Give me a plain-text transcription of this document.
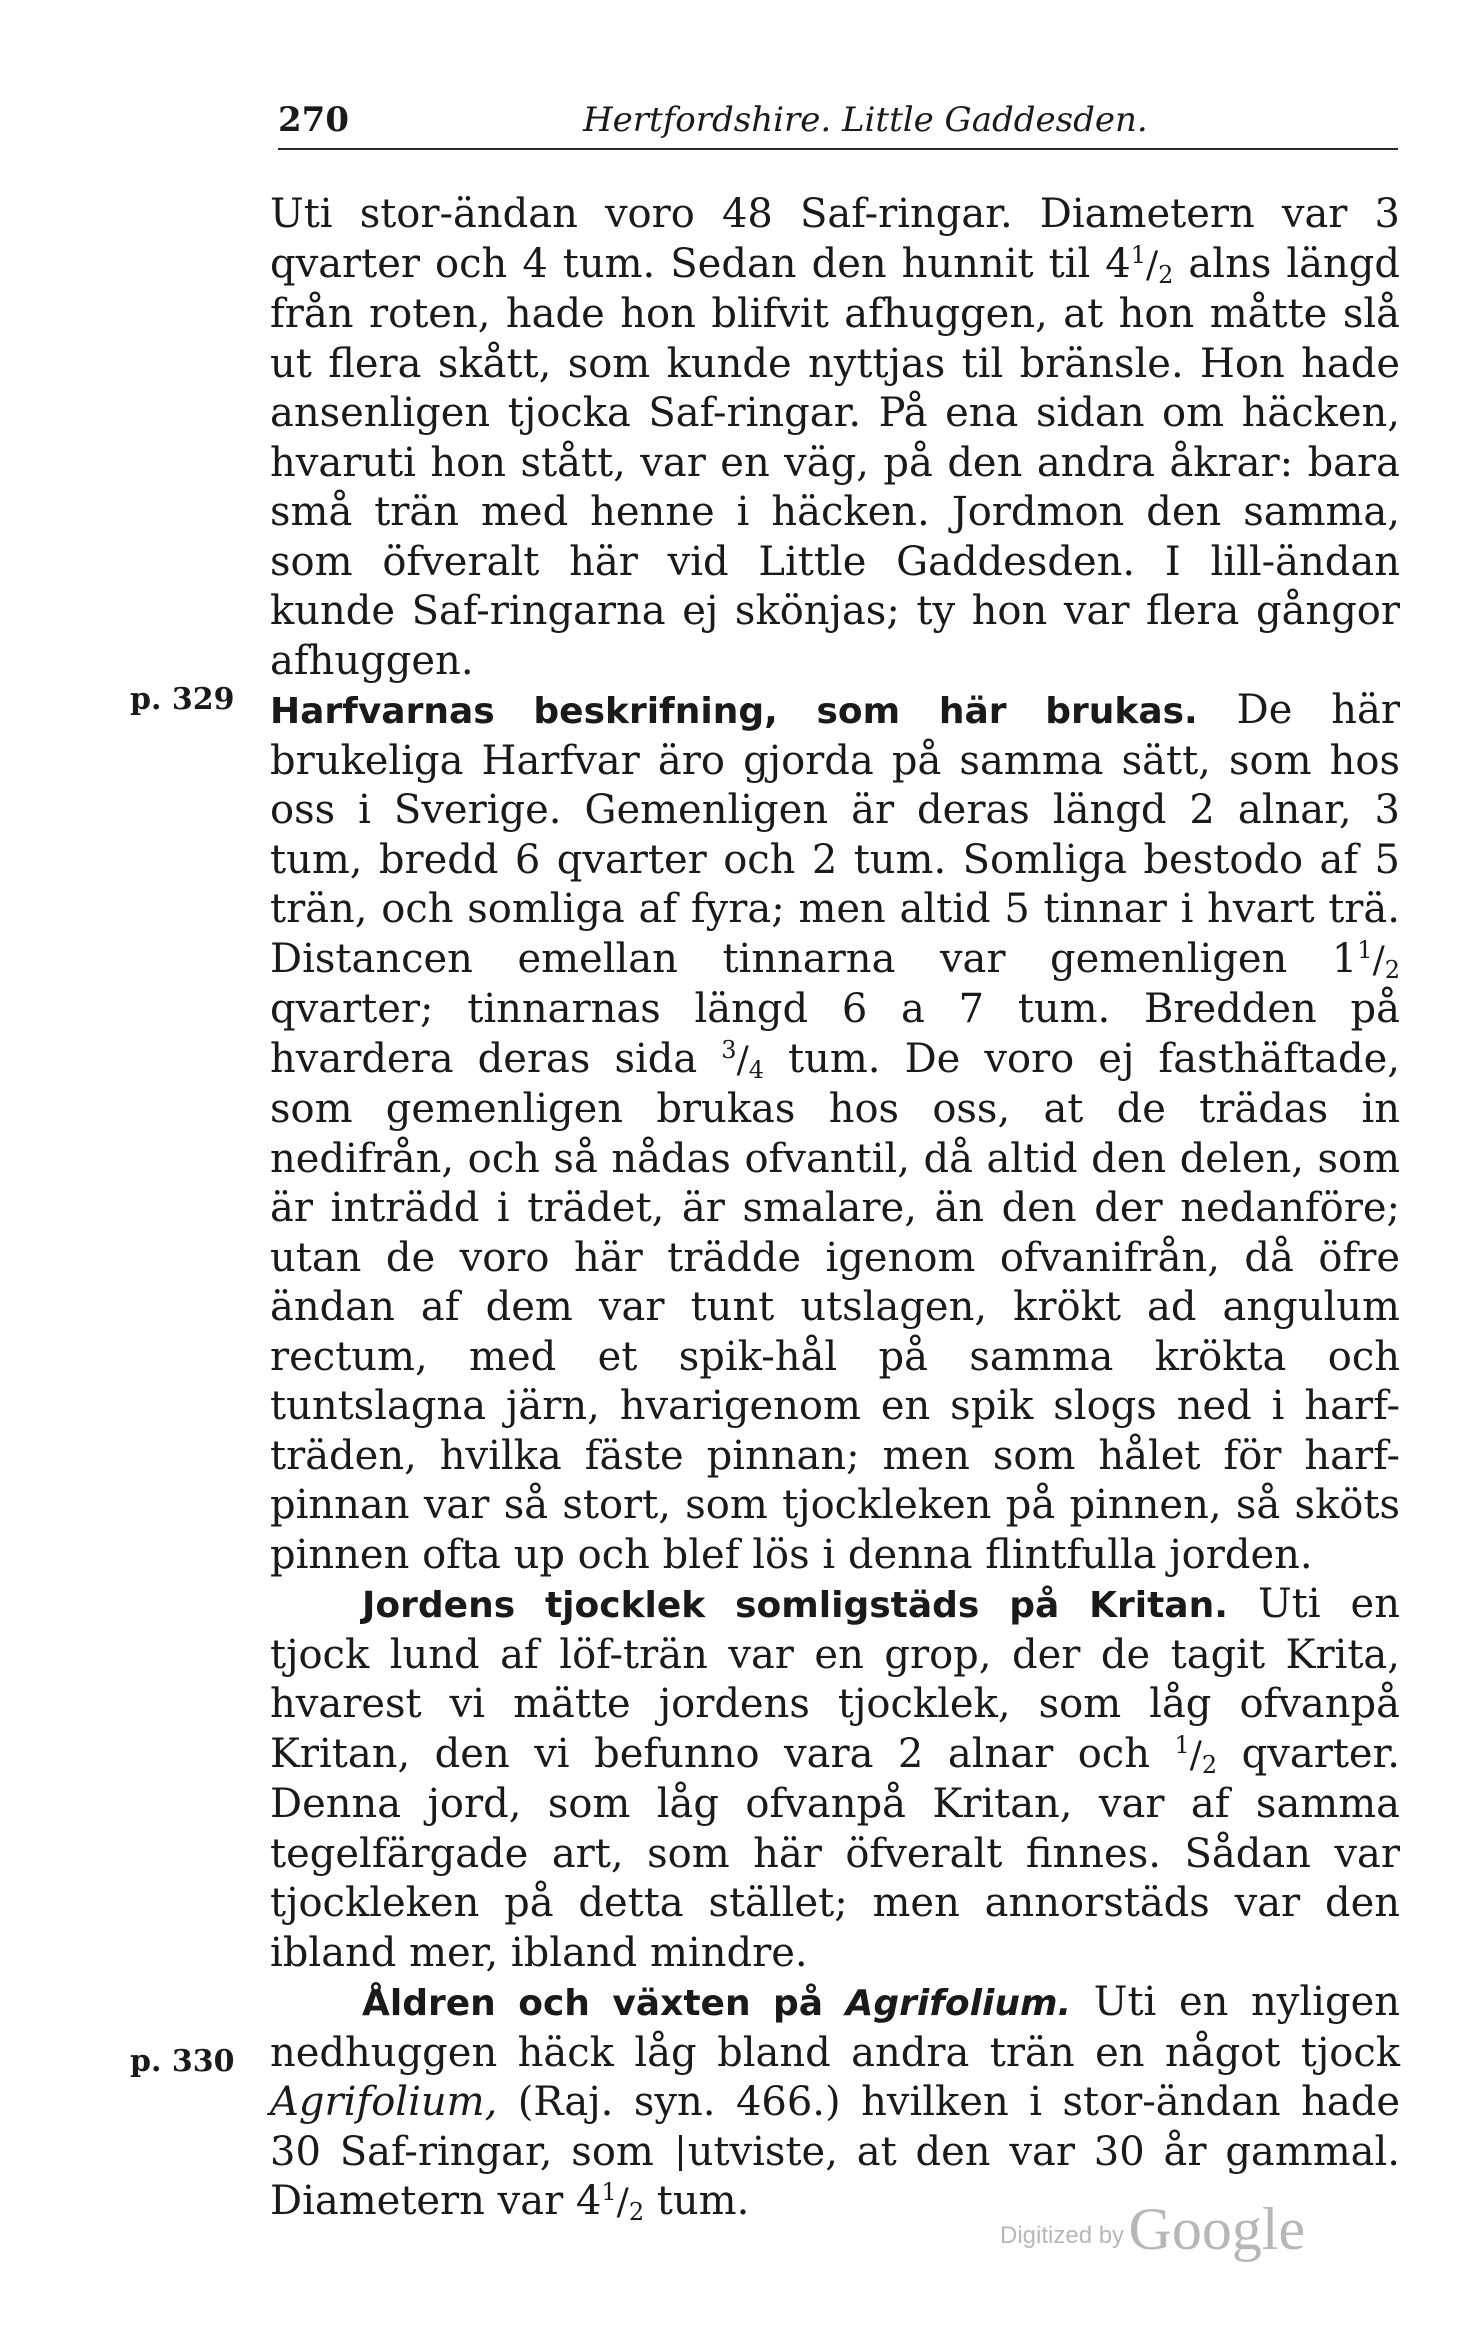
270	Hertfordshire. Little Gaddesden.
p. 329
p. 330

Uti stor-ändan voro 48 Saf-ringar. Diametern var 3 qvarter och 4 tum. Sedan den hunnit til $4^1/_2$ alns längd från roten, hade hon blifvit afhuggen, at hon måtte slå ut flera skått, som kunde nyttjas til bränsle. Hon hade ansenligen tjocka Saf-ringar. På ena sidan om häcken, hvaruti hon stått, var en väg, på den andra åkrar: bara små trän med henne i häcken. Jordmon den samma, som öfveralt här vid Little Gaddesden. I lill-ändan kunde Saf-ringarna ej skönjas; ty hon var flera gångor afhuggen.

Harfvarnas beskrifning, som här brukas. De här brukeliga Harfvar äro gjorda på samma sätt, som hos oss i Sverige. Gemenligen är deras längd 2 alnar, 3 tum, bredd 6 qvarter och 2 tum. Somliga bestodo af 5 trän, och somliga af fyra; men altid 5 tinnar i hvart trä. Distancen emellan tinnarna var gemenligen $1^1/_2$ qvarter; tinnarnas längd 6 a 7 tum. Bredden på hvardera deras sida $^3/_4$ tum. De voro ej fasthäftade, som gemenligen brukas hos oss, at de trädas in nedifrån, och så nådas ofvantil, då altid den delen, som är inträdd i trädet, är smalare, än den der nedanföre; utan de voro här trädde igenom ofvanifrån, då öfre ändan af dem var tunt utslagen, krökt ad angulum rectum, med et spik-hål på samma krökta och tuntslagna järn, hvarigenom en spik slogs ned i harf-träden, hvilka fäste pinnan; men som hålet för harf-pinnan var så stort, som tjockleken på pinnen, så sköts pinnen ofta up och blef lös i denna flintfulla jorden.

Jordens tjocklek somligstäds på Kritan. Uti en tjock lund af löf-trän var en grop, der de tagit Krita, hvarest vi mätte jordens tjocklek, som låg ofvanpå Kritan, den vi befunno vara 2 alnar och $^1/_2$ qvarter. Denna jord, som låg ofvanpå Kritan, var af samma tegelfärgade art, som här öfveralt finnes. Sådan var tjockleken på detta stället; men annorstäds var den ibland mer, ibland mindre.

Åldren och växten på Agrifolium. Uti en nyligen nedhuggen häck låg bland andra trän en något tjock Agrifolium, (Raj. syn. 466.) hvilken i stor-ändan hade 30 Saf-ringar, som utviste, at den var 30 år gammal. Diametern var $4^1/_2$ tum.

Digitized by Google
